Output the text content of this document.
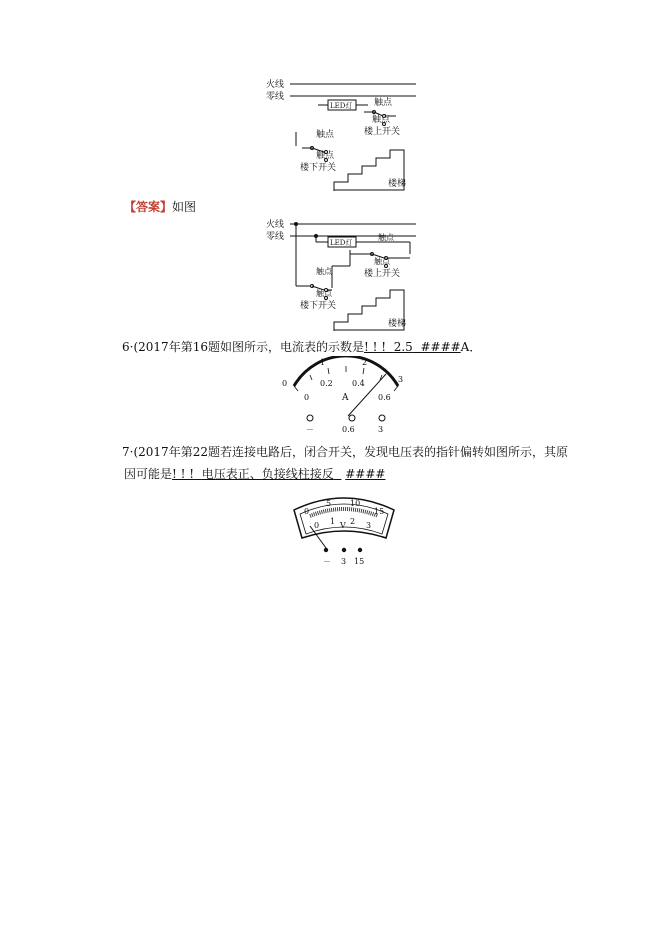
火线
零线
LED灯 触点
触点
楼上开关
触点
触点
楼下开关
楼梯
【答案】如图
火线
零线
LED灯
触点
触点
楼上开关
触点
触点
楼下开关
楼梯
6·(2017年第16题如图所示，电流表的示数是! ! ! 2.5 ####A．
0
1	2
3
0
0.2 0.4
0.6
A
－	0.6	3
7·(2017年第22题若连接电路后，闭合开关，发现电压表的指针偏转如图所示，其原
因可能是! ! ! 电压表正、负接线柱接反 ####
0
5 10
15
0 1 2 3
V
－ 3 15
